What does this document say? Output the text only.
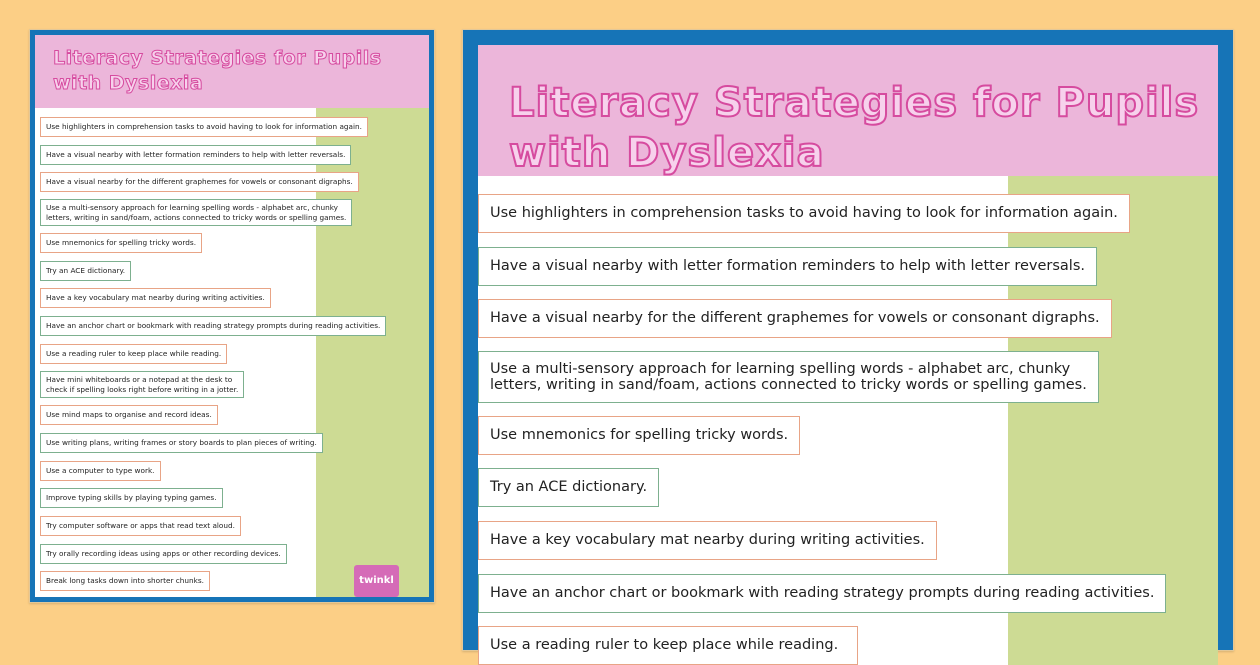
Literacy Strategies for Pupils
with Dyslexia
Use highlighters in comprehension tasks to avoid having to look for information again.
Have a visual nearby with letter formation reminders to help with letter reversals.
Have a visual nearby for the different graphemes for vowels or consonant digraphs.
Use a multi-sensory approach for learning spelling words - alphabet arc, chunky
letters, writing in sand/foam, actions connected to tricky words or spelling games.
Use mnemonics for spelling tricky words.
Try an ACE dictionary.
Have a key vocabulary mat nearby during writing activities.
Have an anchor chart or bookmark with reading strategy prompts during reading activities.
Use a reading ruler to keep place while reading.
Have mini whiteboards or a notepad at the desk to
check if spelling looks right before writing in a jotter.
Use mind maps to organise and record ideas.
Use writing plans, writing frames or story boards to plan pieces of writing.
Use a computer to type work.
Improve typing skills by playing typing games.
Try computer software or apps that read text aloud.
Try orally recording ideas using apps or other recording devices.
Break long tasks down into shorter chunks.	twinkl
Literacy Strategies for Pupils
with Dyslexia
Use highlighters in comprehension tasks to avoid having to look for information again.
Have a visual nearby with letter formation reminders to help with letter reversals.
Have a visual nearby for the different graphemes for vowels or consonant digraphs.
Use a multi-sensory approach for learning spelling words - alphabet arc, chunky
letters, writing in sand/foam, actions connected to tricky words or spelling games.
Use mnemonics for spelling tricky words.
Try an ACE dictionary.
Have a key vocabulary mat nearby during writing activities.
Have an anchor chart or bookmark with reading strategy prompts during reading activities.
Use a reading ruler to keep place while reading.
